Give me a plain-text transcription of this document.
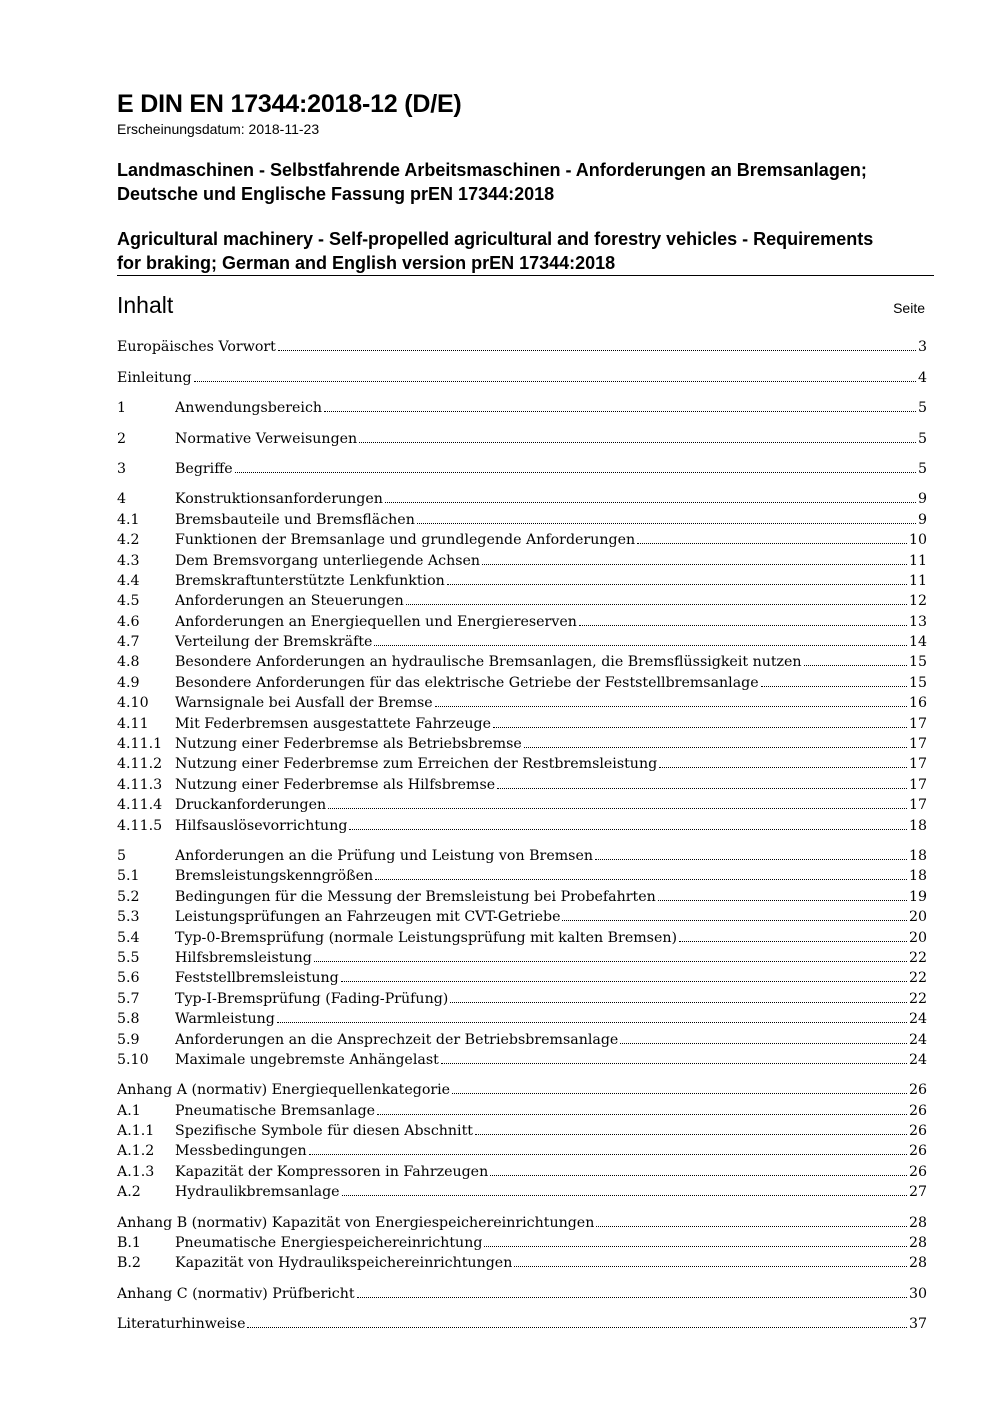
E DIN EN 17344:2018-12 (D/E)
Erscheinungsdatum: 2018-11-23
Landmaschinen - Selbstfahrende Arbeitsmaschinen - Anforderungen an Bremsanlagen; Deutsche und Englische Fassung prEN 17344:2018
Agricultural machinery - Self-propelled agricultural and forestry vehicles - Requirements for braking; German and English version prEN 17344:2018
Inhalt	Seite
Europäisches Vorwort	3
Einleitung	4
1	Anwendungsbereich	5
2	Normative Verweisungen	5
3	Begriffe	5
4	Konstruktionsanforderungen	9
4.1	Bremsbauteile und Bremsflächen	9
4.2	Funktionen der Bremsanlage und grundlegende Anforderungen	10
4.3	Dem Bremsvorgang unterliegende Achsen	11
4.4	Bremskraftunterstützte Lenkfunktion	11
4.5	Anforderungen an Steuerungen	12
4.6	Anforderungen an Energiequellen und Energiereserven	13
4.7	Verteilung der Bremskräfte	14
4.8	Besondere Anforderungen an hydraulische Bremsanlagen, die Bremsflüssigkeit nutzen	15
4.9	Besondere Anforderungen für das elektrische Getriebe der Feststellbremsanlage	15
4.10	Warnsignale bei Ausfall der Bremse	16
4.11	Mit Federbremsen ausgestattete Fahrzeuge	17
4.11.1 Nutzung einer Federbremse als Betriebsbremse	17
4.11.2 Nutzung einer Federbremse zum Erreichen der Restbremsleistung	17
4.11.3 Nutzung einer Federbremse als Hilfsbremse	17
4.11.4 Druckanforderungen	17
4.11.5 Hilfsauslösevorrichtung	18
5	Anforderungen an die Prüfung und Leistung von Bremsen	18
5.1	Bremsleistungskenngrößen	18
5.2	Bedingungen für die Messung der Bremsleistung bei Probefahrten	19
5.3	Leistungsprüfungen an Fahrzeugen mit CVT-Getriebe	20
5.4	Typ-0-Bremsprüfung (normale Leistungsprüfung mit kalten Bremsen)	20
5.5	Hilfsbremsleistung	22
5.6	Feststellbremsleistung	22
5.7	Typ-I-Bremsprüfung (Fading-Prüfung)	22
5.8	Warmleistung	24
5.9	Anforderungen an die Ansprechzeit der Betriebsbremsanlage	24
5.10	Maximale ungebremste Anhängelast	24
Anhang A (normativ) Energiequellenkategorie	26
A.1	Pneumatische Bremsanlage	26
A.1.1	Spezifische Symbole für diesen Abschnitt	26
A.1.2	Messbedingungen	26
A.1.3	Kapazität der Kompressoren in Fahrzeugen	26
A.2	Hydraulikbremsanlage	27
Anhang B (normativ) Kapazität von Energiespeichereinrichtungen	28
B.1	Pneumatische Energiespeichereinrichtung	28
B.2	Kapazität von Hydraulikspeichereinrichtungen	28
Anhang C (normativ) Prüfbericht	30
Literaturhinweise	37
